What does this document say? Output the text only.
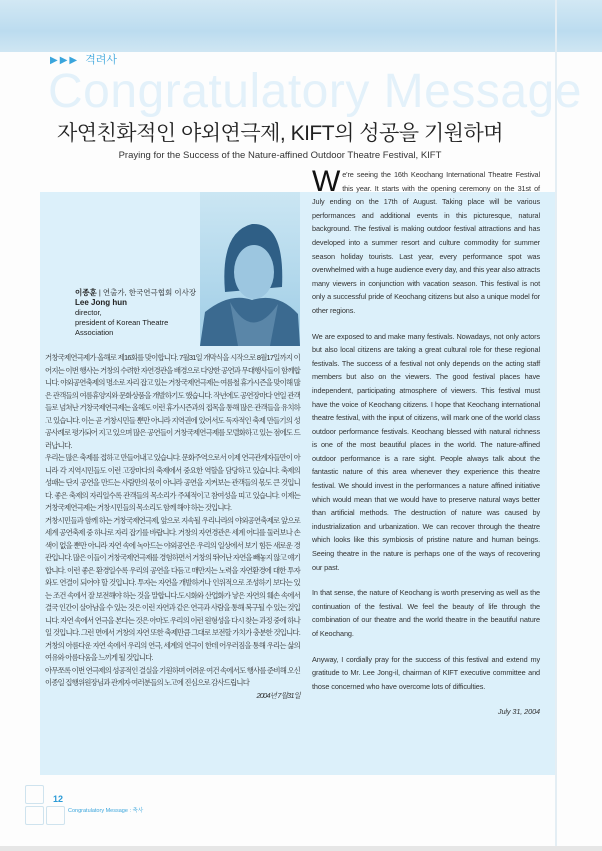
Congratulatory Message
▶▶▶ 격려사
자연친화적인 야외연극제, KIFT의 성공을 기원하며
Praying for the Success of the Nature-affined Outdoor Theatre Festival, KIFT
이종훈 | 연출가, 한국연극협회 이사장
Lee Jong hun
director,
president of Korean Theatre Association

거창국제연극제가 올해로 제16회를 맞이합니다. 7월31일 개막식을 시작으로 8월17일까지 이어지는 이번 행사는 거창의 수려한 자연경관을 배경으로 다양한 공연과 무대행사들이 함께합니다. 야외공연축제의 명소로 자리 잡고 있는 거창국제연극제는 여름철 휴가시즌을 맞이해 많은 관객들의 여름휴양지와 문화상품을 개발하기도 했습니다. 작년에도 공연장마다 연일 관객들로 넘쳐난 거창국제연극제는 올해도 이런 휴가시즌과의 접목을 통해 많은 관객들을 유치하고 있습니다. 이는 곧 거창시민들 뿐만 아니라 지역권에 있어서도 독자적인 축제 만들기의 성공사례로 평가되어 지고 있으며 많은 공연들이 거창국제연극제를 모델화하고 있는 점에도 드러납니다.

우리는 많은 축제를 접하고 만들어내고 있습니다. 문화주역으로서 이제 연극관계자들만이 아니라 각 지역시민들도 이런 고장마다의 축제에서 중요한 역할을 담당하고 있습니다. 축제의 성패는 단지 공연을 만드는 사람만의 몫이 아니라 공연을 지켜보는 관객들의 몫도 큰 것입니다. 좋은 축제의 자리일수록 관객들의 목소리가 주체적이고 참여성을 띠고 있습니다. 이제는 거창국제연극제는 거창시민들의 목소리도 함께 해야 하는 것입니다.

거창시민들과 함께 하는 거창국제연극제, 앞으로 지속될 우리나라의 야외공연축제로 앞으로 세계 공연축제 중 하나로 자리 잡기를 바랍니다. 거창의 자연경관은 세계 어디를 둘러보나 손색이 없을 뿐만 아니라 자연 속에 녹아드는 야외공연은 우리의 일상에서 보기 힘든 새로운 경관입니다. 많은 이들이 거창국제연극제를 경험하면서 거창의 뛰어난 자연을 빼놓지 않고 얘기합니다. 이런 좋은 환경일수록 우리의 공연을 다듬고 매만지는 노력을 자연환경에 대한 투자와도 연결이 되어야 할 것입니다. 투자는 자연을 개발하거나 인위적으로 조성하기 보다는 있는 조건 속에서 잘 보전해야 하는 것을 말합니다.도시화와 산업화가 낳은 자연의 훼손 속에서 결국 인간이 살아남을 수 있는 것은 이런 자연과 같은 연극과 사람을 통해 복구될 수 있는 것입니다. 자연 속에서 연극을 본다는 것은 아마도 우리의 이런 원형성을 다시 찾는 과정 중에 하나일 것입니다. 그런 면에서 거창의 자연 또한 축제만큼 그대로 보전할 가치가 충분한 것입니다. 거창의 아름다운 자연 속에서 우리의 연극, 세계의 연극이 한데 어우러짐을 통해 우리는 삶의 여유와 아름다움을 느끼게 될 것입니다.

아무쪼록 이번 연극제의 성공적인 결실을 기원하며 어려운 여건 속에서도 행사를 준비해 오신 이종일 집행위원장님과 관계자 여러분들의 노고에 진심으로 감사드립니다

2004년 7월31일

We're seeing the 16th Keochang International Theatre Festival this year. It starts with the opening ceremony on the 31st of July ending on the 17th of August. Taking place will be various performances and additional events in this picturesque, natural background. The festival is making outdoor festival attractions and has developed into a summer resort and culture commodity for summer season holiday tourists. Last year, every performance spot was overwhelmed with a huge audience every day, and this year also attracts many viewers in conjunction with vacation season. This festival is not only a successful pride of Keochang citizens but also a unique model for other regions.

We are exposed to and make many festivals. Nowadays, not only actors but also local citizens are taking a great cultural role for these regional festivals. The success of a festival not only depends on the acting staff members but also on the viewers. The good festival places have independent, participating atmosphere of viewers. This festival must have the voice of Keochang citizens. I hope that Keochang international theatre festival, with the input of citizens, will mark one of the world class outdoor performance festivals. Keochang blessed with natural richness is one of the most beautiful places in the world. The nature-affined outdoor performance is a rare sight. People always talk about the fantastic nature of this area whenever they experience this theatre festival. We should invest in the performances a nature affined initiative which would mean that we would have to preserve natural ways better than artificial methods. The destruction of nature was caused by industrialization and urbanization. We can recover through the theatre which looks like this symbiosis of pristine nature and human beings. Seeing theatre in the nature is perhaps one of the ways of recovering our past.

In that sense, the nature of Keochang is worth preserving as well as the continuation of the festival. We feel the beauty of life through the combination of our theatre and the world theatre in the beautiful nature of Keochang.

Anyway, I cordially pray for the success of this festival and extend my gratitude to Mr. Lee Jong-il, chairman of KIFT executive committee and those concerned who have overcome lots of difficulties.

July 31, 2004

12
Congratulatory Message : 축사
